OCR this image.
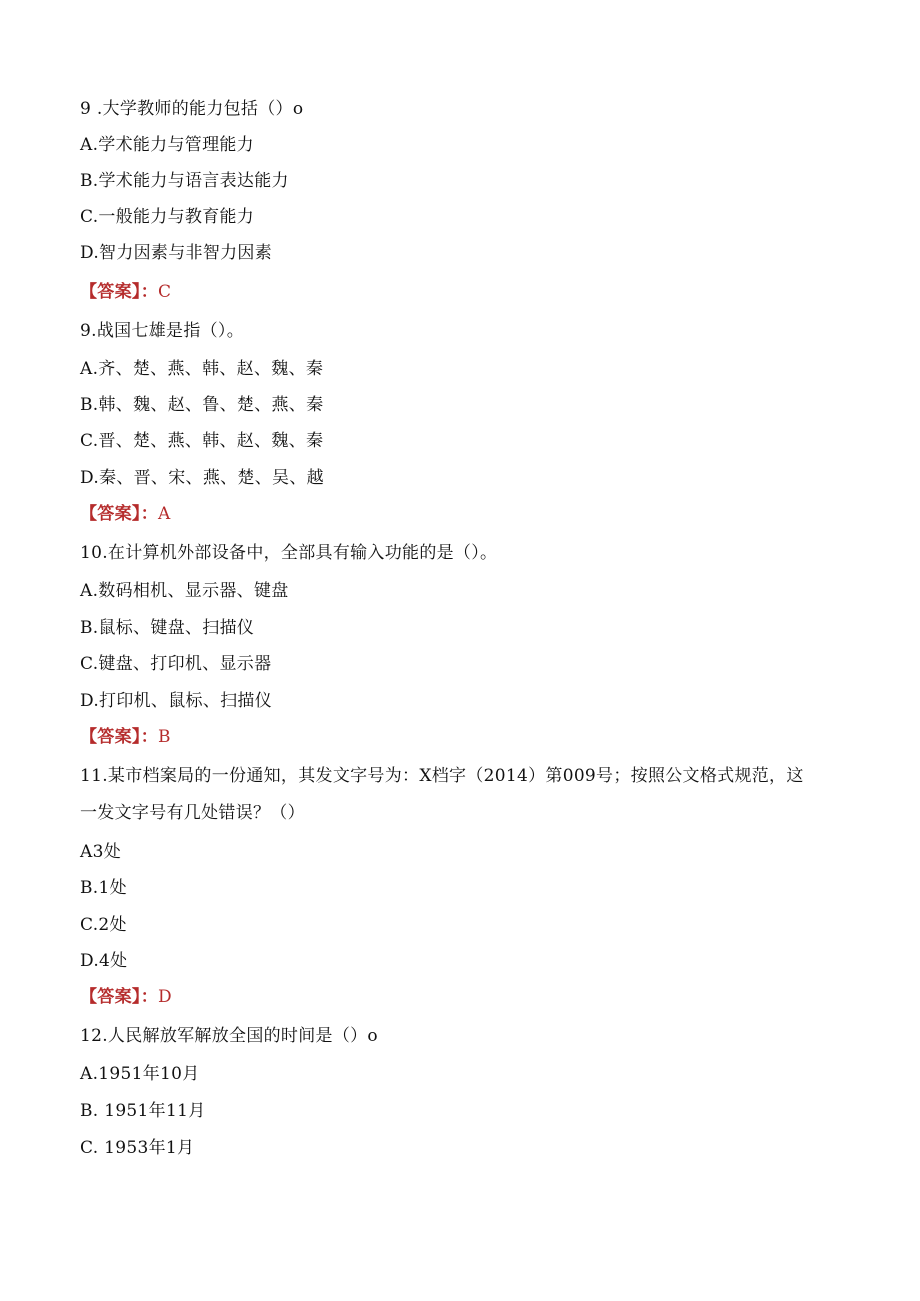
9 .大学教师的能力包括（）o
A.学术能力与管理能力
B.学术能力与语言表达能力
C.一般能力与教育能力
D.智力因素与非智力因素
【答案】：C
9.战国七雄是指（）。
A.齐、楚、燕、韩、赵、魏、秦
B.韩、魏、赵、鲁、楚、燕、秦
C.晋、楚、燕、韩、赵、魏、秦
D.秦、晋、宋、燕、楚、吴、越
【答案】：A
10.在计算机外部设备中，全部具有输入功能的是（）。
A.数码相机、显示器、键盘
B.鼠标、键盘、扫描仪
C.键盘、打印机、显示器
D.打印机、鼠标、扫描仪
【答案】：B
11.某市档案局的一份通知，其发文字号为：X档字（2014）第009号；按照公文格式规范，这
一发文字号有几处错误？（）
A3处
B.1处
C.2处
D.4处
【答案】：D
12.人民解放军解放全国的时间是（）o
A.1951年10月
B. 1951年11月
C. 1953年1月
